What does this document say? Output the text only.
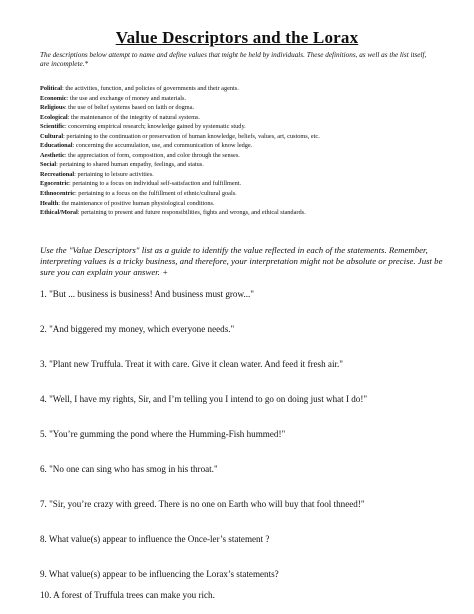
Value Descriptors and the Lorax
The descriptions below attempt to name and define values that might be held by individuals. These definitions, as well as the list itself, are incomplete.*
Political: the activities, function, and policies of governments and their agents.
Economic: the use and exchange of money and materials.
Religious: the use of belief systems based on faith or dogma.
Ecological: the maintenance of the integrity of natural systems.
Scientific: concerning empirical research; knowledge gained by systematic study.
Cultural: pertaining to the continuation or preservation of human knowledge, beliefs, values, art, customs, etc.
Educational: concerning the accumulation, use, and communication of know ledge.
Aesthetic: the appreciation of form, composition, and color through the senses.
Social: pertaining to shared human empathy, feelings, and status.
Recreational: pertaining to leisure activities.
Egocentric: pertaining to a focus on individual self-satisfaction and fulfillment.
Ethnocentric: pertaining to a focus on the fulfillment of ethnic/cultural goals.
Health: the maintenance of positive human physiological conditions.
Ethical/Moral: pertaining to present and future responsibilities, fights and wrongs, and ethical standards.
Use the "Value Descriptors" list as a guide to identify the value reflected in each of the statements. Remember, interpreting values is a tricky business, and therefore, your interpretation might not be absolute or precise. Just be sure you can explain your answer. +
1. "But ... business is business! And business must grow..."
2. "And biggered my money, which everyone needs."
3. "Plant new Truffula. Treat it with care. Give it clean water. And feed it fresh air."
4. "Well, I have my rights, Sir, and I’m telling you I intend to go on doing just what I do!"
5. "You’re gumming the pond where the Humming-Fish hummed!"
6. "No one can sing who has smog in his throat."
7. "Sir, you’re crazy with greed. There is no one on Earth who will buy that fool thneed!"
8. What value(s) appear to influence the Once-ler’s statement ?
9. What value(s) appear to be influencing the Lorax’s statements?
10. A forest of Truffula trees can make you rich.
